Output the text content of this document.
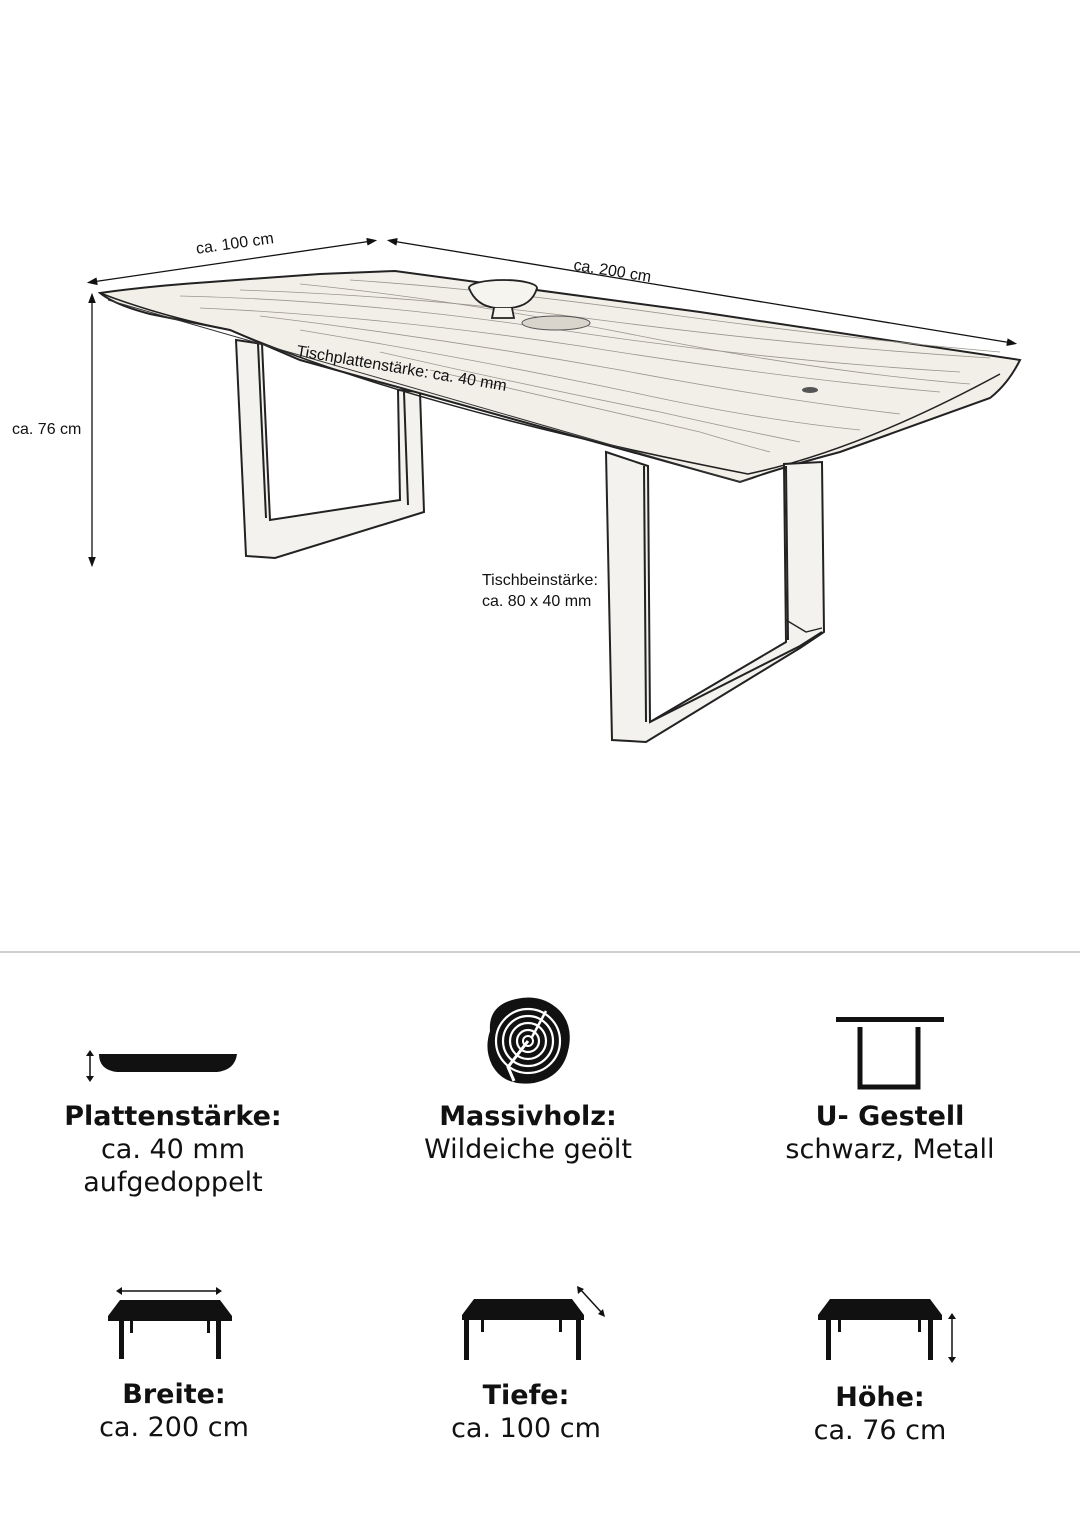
ca. 100 cm
ca. 200 cm
ca. 76 cm
Tischplattenstärke: ca. 40 mm
Tischbeinstärke:
ca. 80 x 40 mm
Plattenstärke:
ca. 40 mm
aufgedoppelt
Massivholz:
Wildeiche geölt
U- Gestell
schwarz, Metall
Breite:
ca. 200 cm
Tiefe:
ca. 100 cm
Höhe:
ca. 76 cm
